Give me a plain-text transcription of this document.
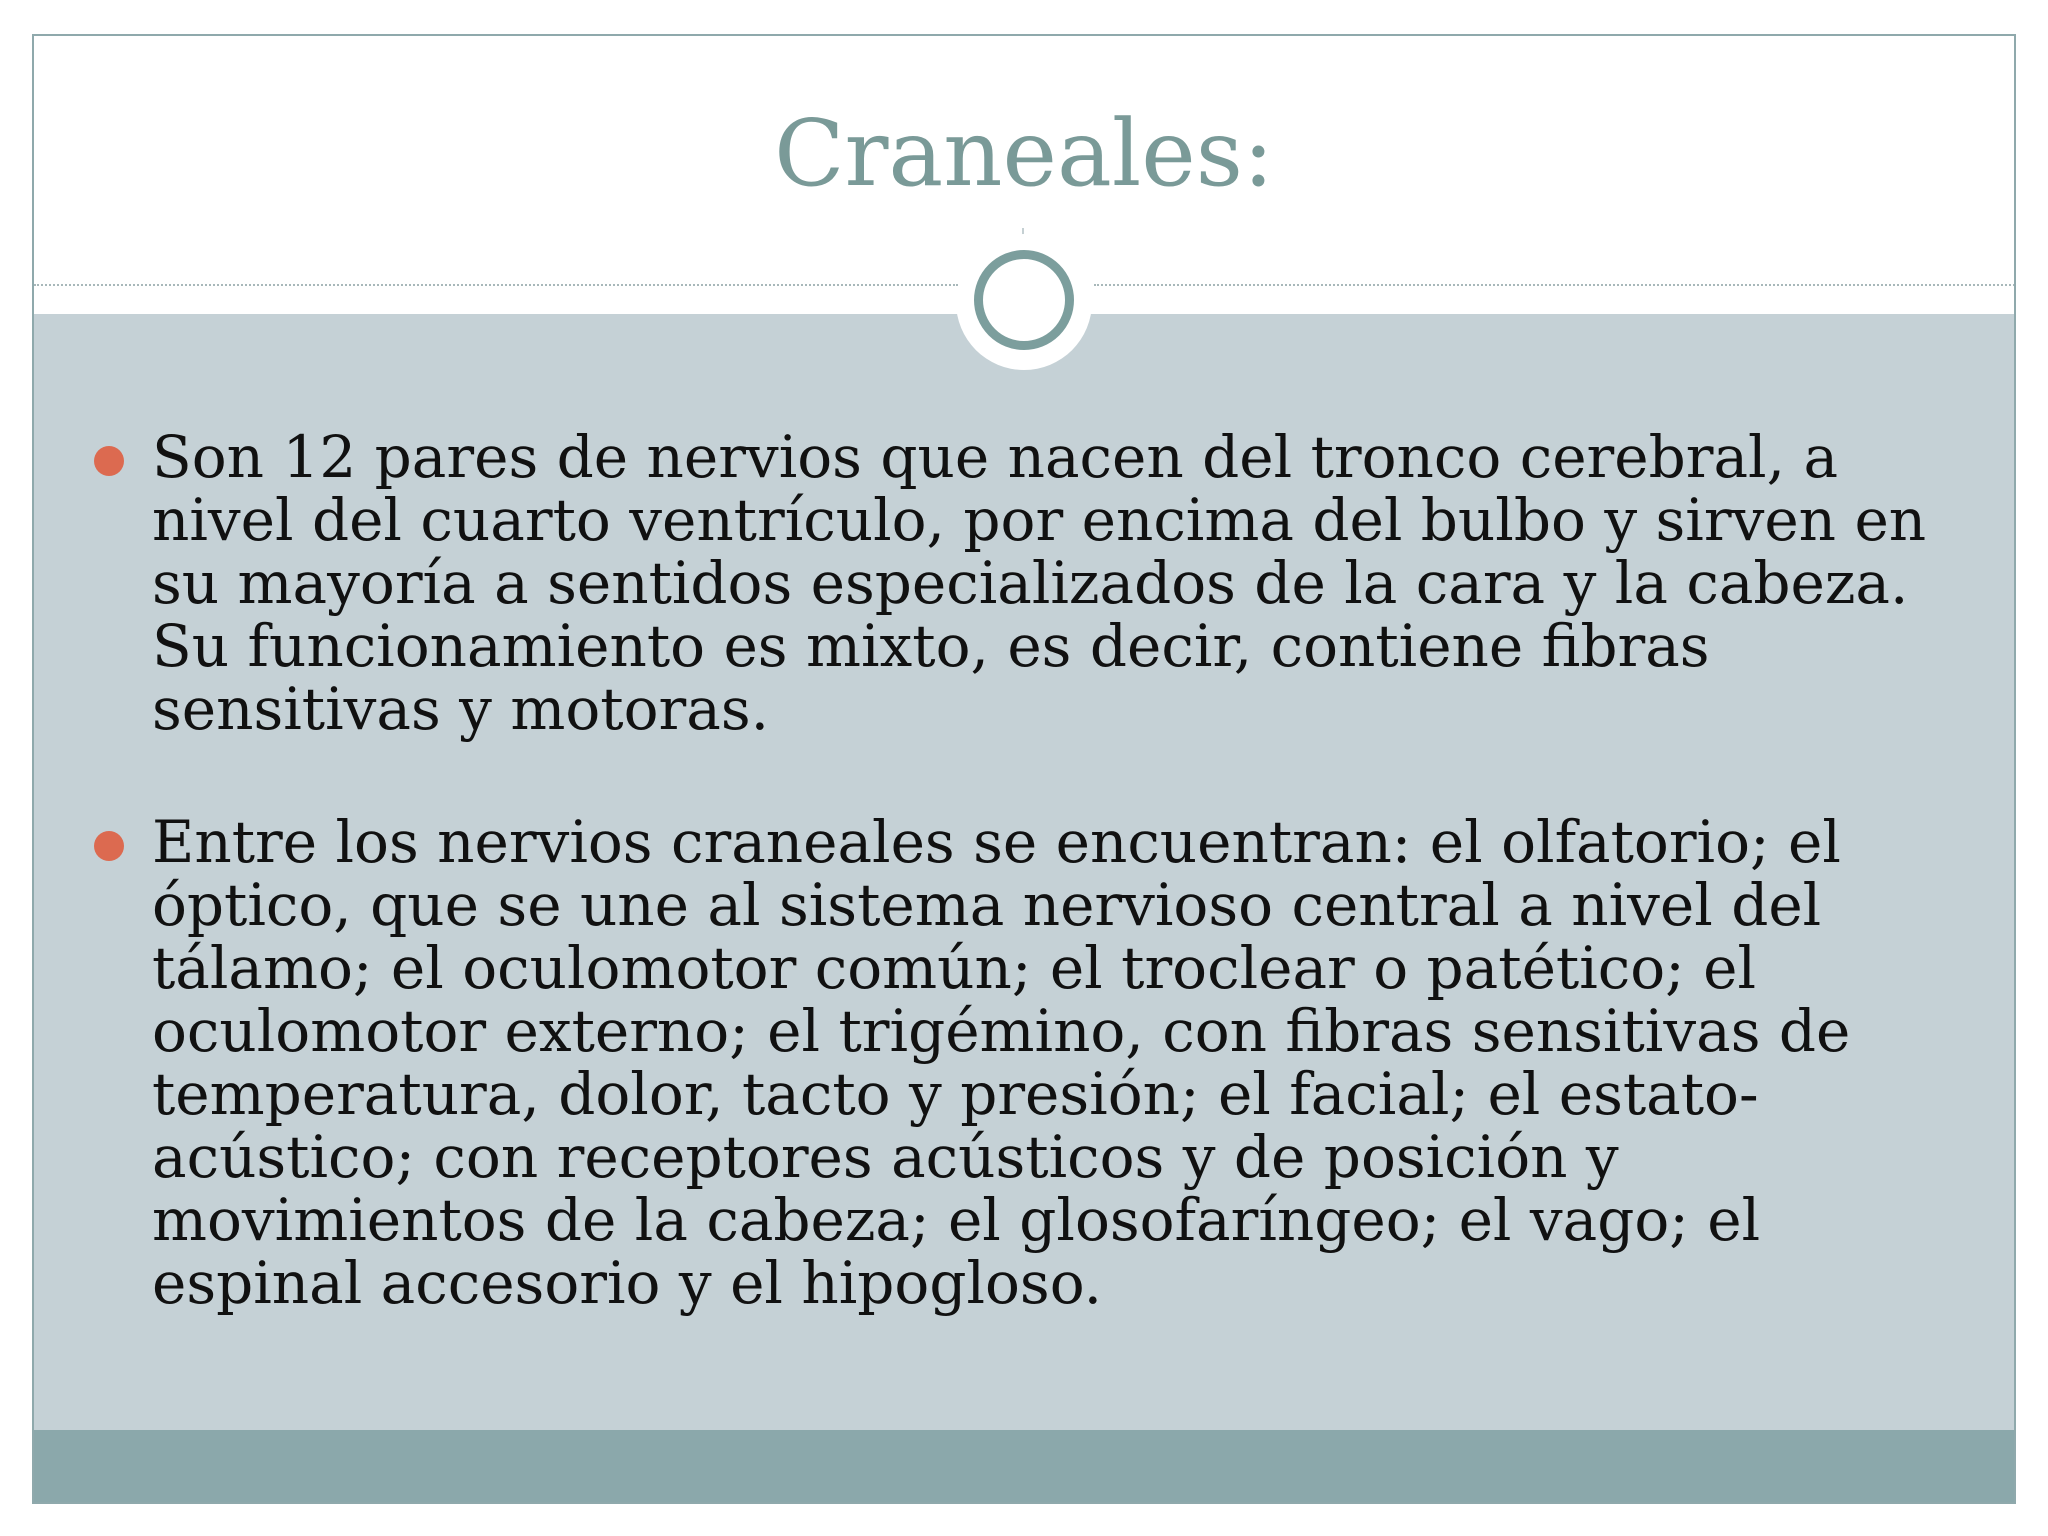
Craneales:
Son 12 pares de nervios que nacen del tronco cerebral, a nivel del cuarto ventrículo, por encima del bulbo y sirven en su mayoría a sentidos especializados de la cara y la cabeza. Su funcionamiento es mixto, es decir, contiene fibras sensitivas y motoras.
Entre los nervios craneales se encuentran: el olfatorio; el óptico, que se une al sistema nervioso central a nivel del tálamo; el oculomotor común; el troclear o patético; el oculomotor externo; el trigémino, con fibras sensitivas de temperatura, dolor, tacto y presión; el facial; el estato-acústico; con receptores acústicos y de posición y movimientos de la cabeza; el glosofaríngeo; el vago; el espinal accesorio y el hipogloso.
